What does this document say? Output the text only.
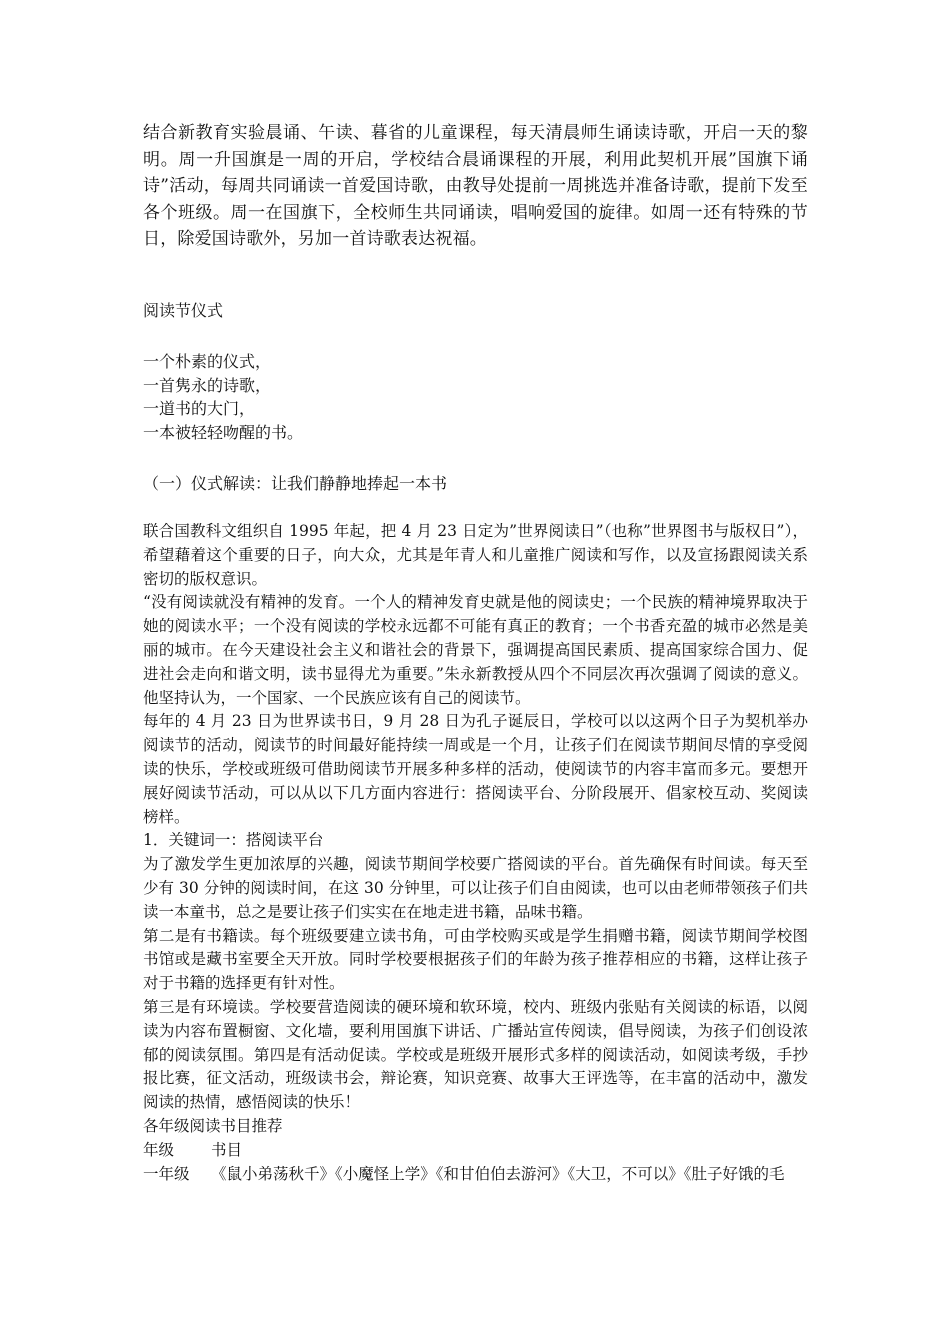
结合新教育实验晨诵、午读、暮省的儿童课程，每天清晨师生诵读诗歌，开启一天的黎明。周一升国旗是一周的开启，学校结合晨诵课程的开展，利用此契机开展”国旗下诵诗”活动，每周共同诵读一首爱国诗歌，由教导处提前一周挑选并准备诗歌，提前下发至各个班级。周一在国旗下，全校师生共同诵读，唱响爱国的旋律。如周一还有特殊的节日，除爱国诗歌外，另加一首诗歌表达祝福。
阅读节仪式
一个朴素的仪式，
一首隽永的诗歌，
一道书的大门，
一本被轻轻吻醒的书。
（一）仪式解读：让我们静静地捧起一本书

联合国教科文组织自 1995 年起，把 4 月 23 日定为”世界阅读日”（也称”世界图书与版权日”），希望藉着这个重要的日子，向大众，尤其是年青人和儿童推广阅读和写作，以及宣扬跟阅读关系密切的版权意识。

“没有阅读就没有精神的发育。一个人的精神发育史就是他的阅读史；一个民族的精神境界取决于她的阅读水平；一个没有阅读的学校永远都不可能有真正的教育；一个书香充盈的城市必然是美丽的城市。在今天建设社会主义和谐社会的背景下，强调提高国民素质、提高国家综合国力、促进社会走向和谐文明，读书显得尤为重要。”朱永新教授从四个不同层次再次强调了阅读的意义。他坚持认为，一个国家、一个民族应该有自己的阅读节。

每年的 4 月 23 日为世界读书日，9 月 28 日为孔子诞辰日，学校可以以这两个日子为契机举办阅读节的活动，阅读节的时间最好能持续一周或是一个月，让孩子们在阅读节期间尽情的享受阅读的快乐，学校或班级可借助阅读节开展多种多样的活动，使阅读节的内容丰富而多元。要想开展好阅读节活动，可以从以下几方面内容进行：搭阅读平台、分阶段展开、倡家校互动、奖阅读榜样。

1．关键词一：搭阅读平台

为了激发学生更加浓厚的兴趣，阅读节期间学校要广搭阅读的平台。首先确保有时间读。每天至少有 30 分钟的阅读时间，在这 30 分钟里，可以让孩子们自由阅读，也可以由老师带领孩子们共读一本童书，总之是要让孩子们实实在在地走进书籍，品味书籍。

第二是有书籍读。每个班级要建立读书角，可由学校购买或是学生捐赠书籍，阅读节期间学校图书馆或是藏书室要全天开放。同时学校要根据孩子们的年龄为孩子推荐相应的书籍，这样让孩子对于书籍的选择更有针对性。

第三是有环境读。学校要营造阅读的硬环境和软环境，校内、班级内张贴有关阅读的标语，以阅读为内容布置橱窗、文化墙，要利用国旗下讲话、广播站宣传阅读，倡导阅读，为孩子们创设浓郁的阅读氛围。第四是有活动促读。学校或是班级开展形式多样的阅读活动，如阅读考级，手抄报比赛，征文活动，班级读书会，辩论赛，知识竞赛、故事大王评选等，在丰富的活动中，激发阅读的热情，感悟阅读的快乐！

各年级阅读书目推荐

年级 书目
一年级 《鼠小弟荡秋千》《小魔怪上学》《和甘伯伯去游河》《大卫，不可以》《肚子好饿的毛
